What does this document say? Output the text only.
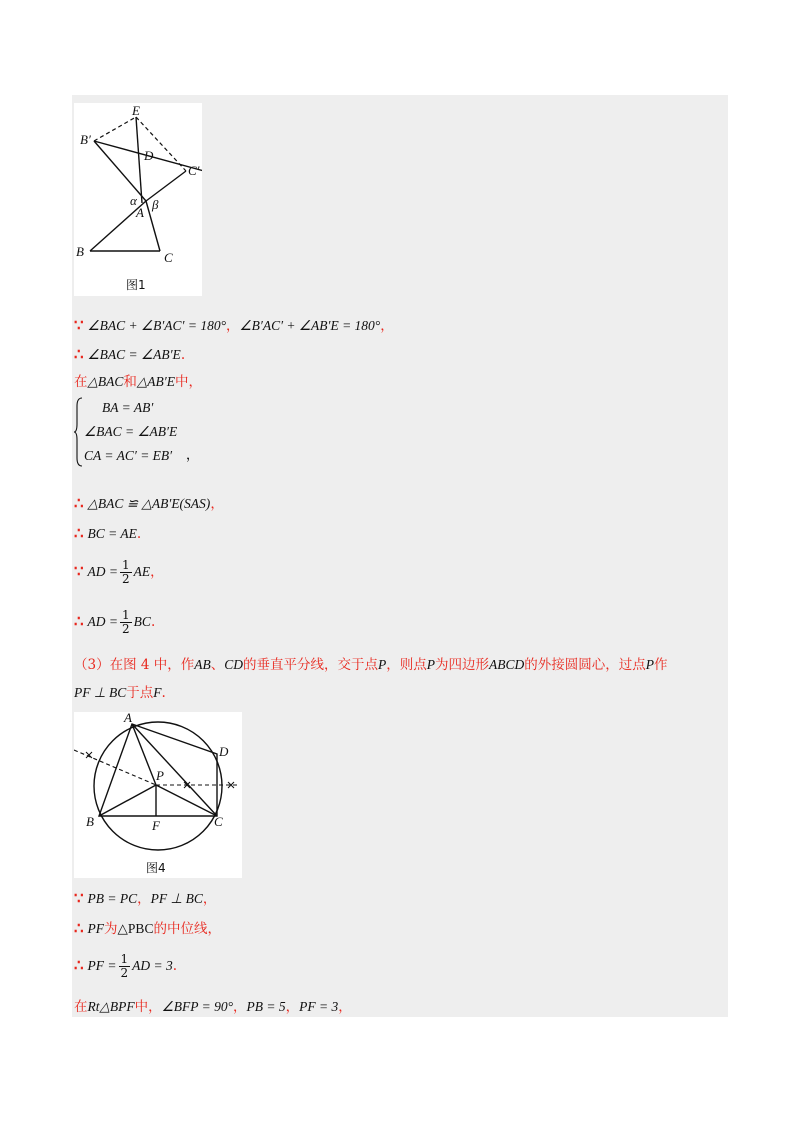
E
B′
D
C′
α
A
β
B	C
图1
∵ ∠BAC + ∠B′AC′ = 180°，∠B′AC′ + ∠AB′E = 180°，
∴ ∠BAC = ∠AB′E.
在△BAC和△AB′E中，
BA = AB′
∠BAC = ∠AB′E
CA = AC′ = EB′	，
∴ △BAC ≌ △AB′E(SAS)，
∴ BC = AE.
∵ AD = $\frac{1}{2}$ AE，
∴ AD = $\frac{1}{2}$ BC.
（3）在图 4 中，作AB、CD的垂直平分线，交于点P，则点P为四边形ABCD的外接圆圆心，过点P作
PF ⊥ BC于点F.
A
D
P
B	F	C
图4
∵ PB = PC，PF ⊥ BC，
∴ PF为△PBC的中位线，
∴ PF = $\frac{1}{2}$ AD = 3.
在Rt△BPF中，∠BFP = 90°，PB = 5，PF = 3，
